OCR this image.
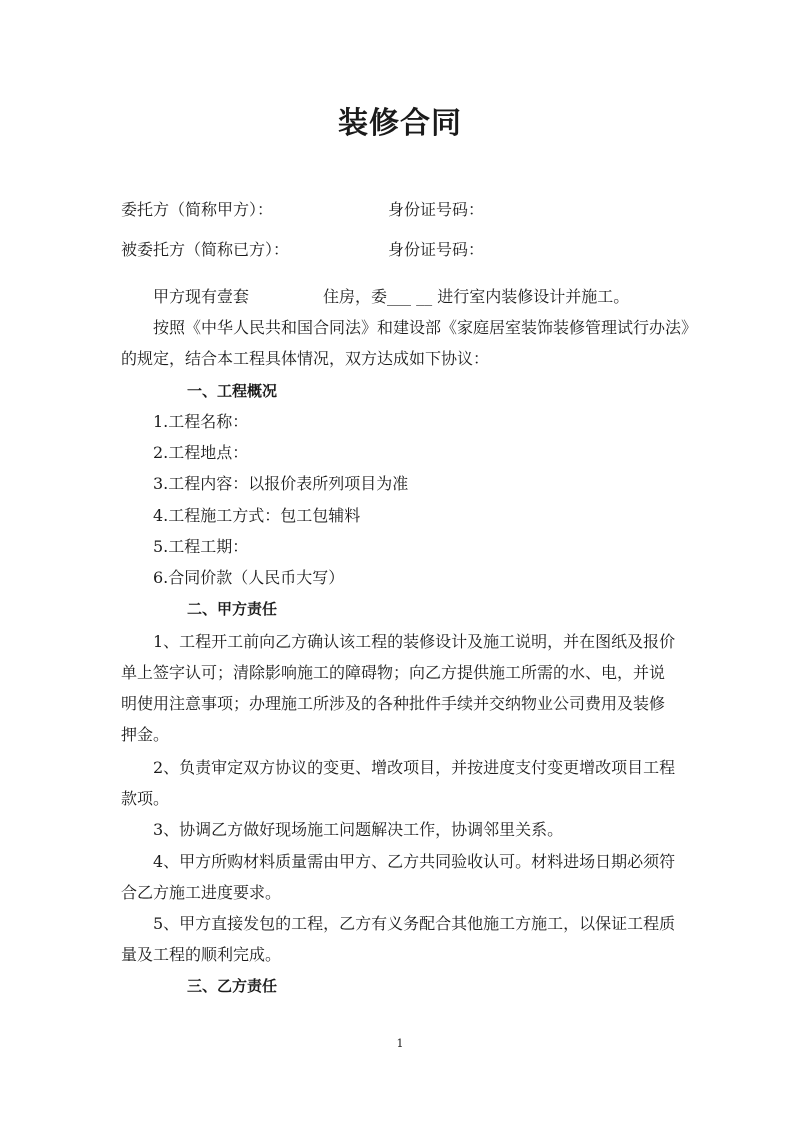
装修合同
委托方（简称甲方）：	身份证号码：
被委托方（简称已方）：	身份证号码：
甲方现有壹套	住房，委___ __ 进行室内装修设计并施工。
按照《中华人民共和国合同法》和建设部《家庭居室装饰装修管理试行办法》
的规定，结合本工程具体情况，双方达成如下协议：
一、工程概况
1.工程名称：
2.工程地点：
3.工程内容：以报价表所列项目为准
4.工程施工方式：包工包辅料
5.工程工期：
6.合同价款（人民币大写）
二、甲方责任
1、工程开工前向乙方确认该工程的装修设计及施工说明，并在图纸及报价单上签字认可；清除影响施工的障碍物；向乙方提供施工所需的水、电，并说明使用注意事项；办理施工所涉及的各种批件手续并交纳物业公司费用及装修押金。
2、负责审定双方协议的变更、增改项目，并按进度支付变更增改项目工程款项。
3、协调乙方做好现场施工问题解决工作，协调邻里关系。
4、甲方所购材料质量需由甲方、乙方共同验收认可。材料进场日期必须符合乙方施工进度要求。
5、甲方直接发包的工程，乙方有义务配合其他施工方施工，以保证工程质量及工程的顺利完成。
三、乙方责任
1
